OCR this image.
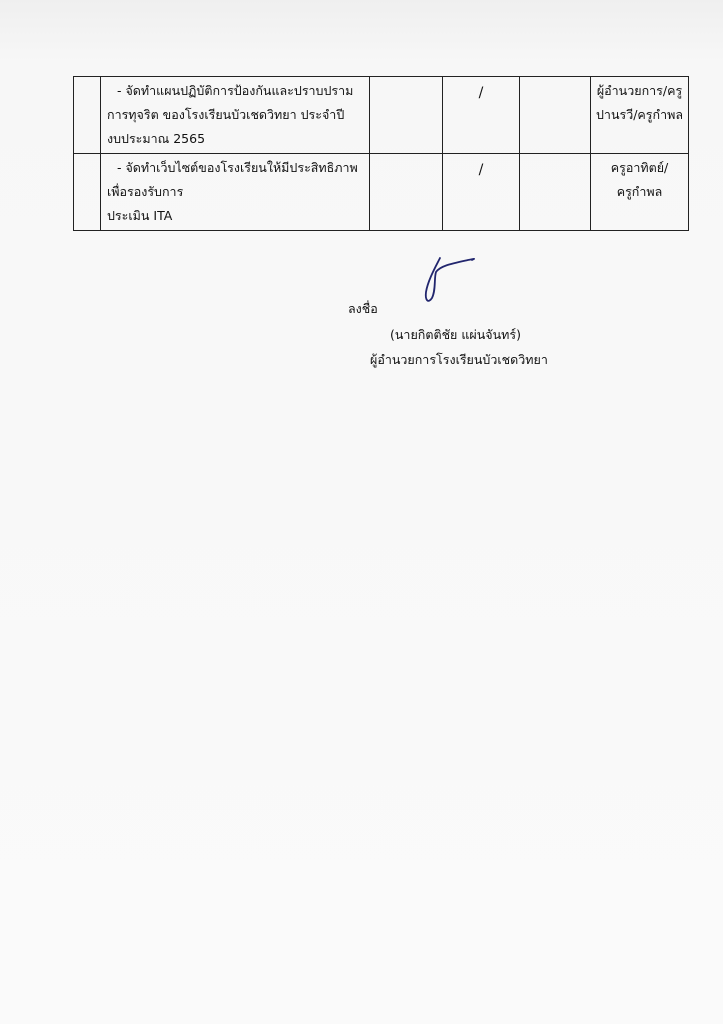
	- จัดทำแผนปฏิบัติการป้องกันและปราบปราม
การทุจริต ของโรงเรียนบัวเชดวิทยา ประจำปี
งบประมาณ 2565		/		ผู้อำนวยการ/ครู
ปานรวี/ครูกำพล

	- จัดทำเว็บไซต์ของโรงเรียนให้มีประสิทธิภาพ
เพื่อรองรับการ
ประเมิน ITA		/		ครูอาทิตย์/
ครูกำพล
ลงชื่อ
(นายกิตติชัย แผ่นจันทร์)
ผู้อำนวยการโรงเรียนบัวเชดวิทยา
